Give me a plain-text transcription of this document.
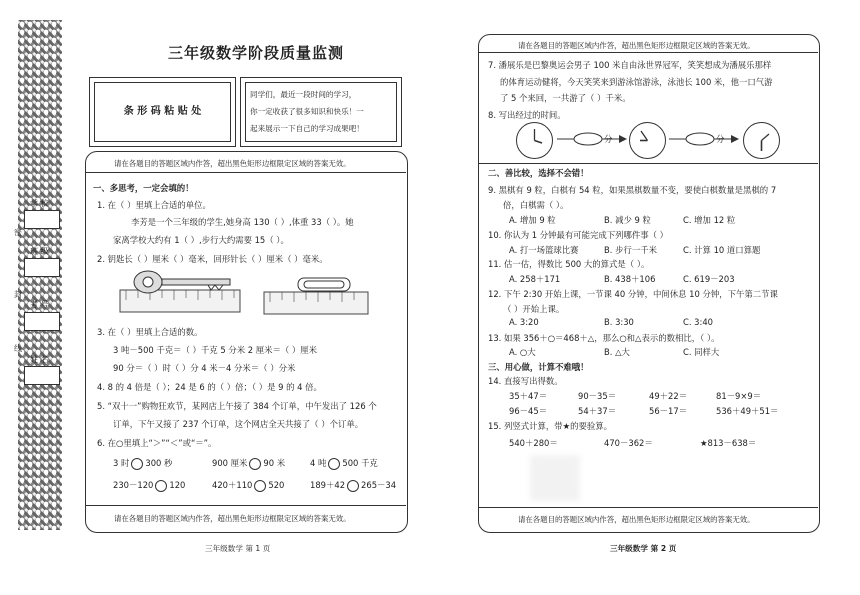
学 校
班 级
考 号
姓 名
密
封
线
三年级数学阶段质量监测
条 形 码 粘 贴 处
同学们，最近一段时间的学习，
你一定收获了很多知识和快乐！一
起来展示一下自己的学习成果吧！
请在各题目的答题区域内作答，超出黑色矩形边框限定区域的答案无效。
一、多思考，一定会填的！
1. 在（ ）里填上合适的单位。
李芳是一个三年级的学生,她身高 130（ ）,体重 33（ ）。她
家离学校大约有 1（ ）,步行大约需要 15（ ）。
2. 钥匙长（ ）厘米（ ）毫米，回形针长（ ）厘米（ ）毫米。
3. 在（ ）里填上合适的数。
3 吨－500 千克＝（ ）千克 5 分米 2 厘米＝（ ）厘米
90 分＝（ ）时（ ）分 4 米－4 分米＝（ ）分米
4. 8 的 4 倍是（ ）；24 是 6 的（ ）倍；（ ）是 9 的 4 倍。
5. “双十一”购物狂欢节，某网店上午接了 384 个订单，中午发出了 126 个
订单，下午又接了 237 个订单，这个网店全天共接了（ ）个订单。
6. 在○里填上“＞”“＜”或“＝”。
3 时 300 秒	900 厘米 90 米	4 吨 500 千克
230－120 120	420＋110 520	189＋42 265－34
请在各题目的答题区域内作答，超出黑色矩形边框限定区域的答案无效。
三年级数学 第 1 页
请在各题目的答题区域内作答，超出黑色矩形边框限定区域的答案无效。
7. 潘展乐是巴黎奥运会男子 100 米自由泳世界冠军，笑笑想成为潘展乐那样
的体育运动健将，今天笑笑来到游泳馆游泳，泳池长 100 米，他一口气游
了 5 个来回，一共游了（ ）千米。
8. 写出经过的时间。
分	分
二、善比较，选择不会错！
9. 黑棋有 9 粒，白棋有 54 粒，如果黑棋数量不变，要使白棋数量是黑棋的 7
倍，白棋需（ ）。
A. 增加 9 粒	B. 减少 9 粒	C. 增加 12 粒
10. 你认为 1 分钟最有可能完成下列哪件事（ ）
A. 打一场篮球比赛	B. 步行一千米	C. 计算 10 道口算题
11. 估一估，得数比 500 大的算式是（ ）。
A. 258＋171	B. 438＋106	C. 619－203
12. 下午 2:30 开始上课，一节课 40 分钟，中间休息 10 分钟，下午第二节课
（ ）开始上课。
A. 3:20	B. 3:30	C. 3:40
13. 如果 356＋○＝468＋△，那么○和△表示的数相比，（ ）。
A. ○大	B. △大	C. 同样大
三、用心做，计算不难哦！
14. 直接写出得数。
35＋47＝	90－35＝	49＋22＝	81－9×9＝
96－45＝	54＋37＝	56－17＝	536＋49＋51＝
15. 列竖式计算，带★的要验算。
540＋280＝	470－362＝	★813－638＝
请在各题目的答题区域内作答，超出黑色矩形边框限定区域的答案无效。
三年级数学 第 2 页
